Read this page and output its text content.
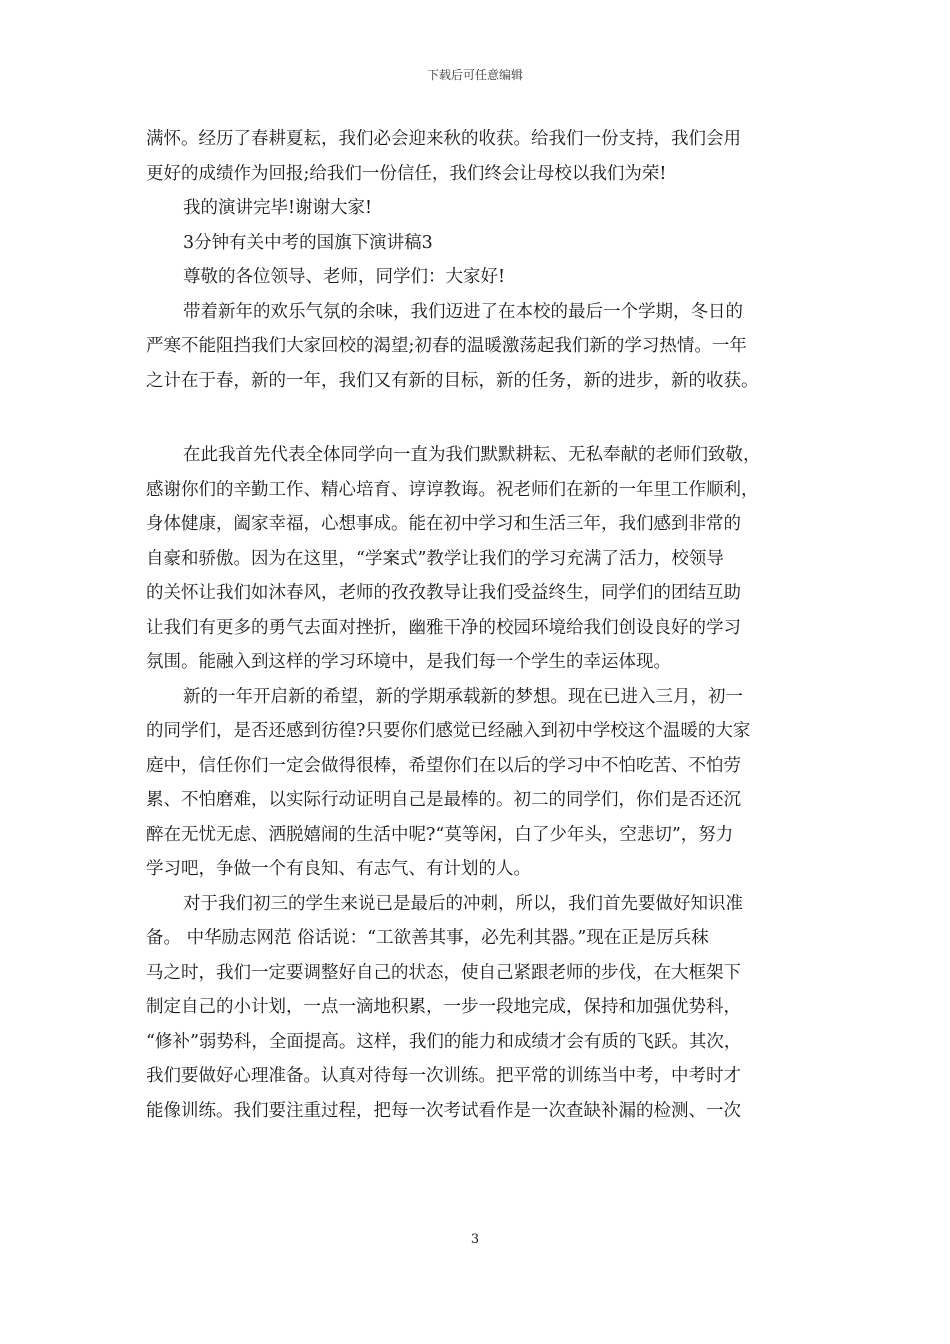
下载后可任意编辑
满怀。经历了春耕夏耘，我们必会迎来秋的收获。给我们一份支持，我们会用
更好的成绩作为回报;给我们一份信任，我们终会让母校以我们为荣!
我的演讲完毕!谢谢大家!
3分钟有关中考的国旗下演讲稿3
尊敬的各位领导、老师，同学们：大家好!
带着新年的欢乐气氛的余味，我们迈进了在本校的最后一个学期，冬日的
严寒不能阻挡我们大家回校的渴望;初春的温暖激荡起我们新的学习热情。一年
之计在于春，新的一年，我们又有新的目标，新的任务，新的进步，新的收获。
在此我首先代表全体同学向一直为我们默默耕耘、无私奉献的老师们致敬，
感谢你们的辛勤工作、精心培育、谆谆教诲。祝老师们在新的一年里工作顺利，
身体健康，阖家幸福，心想事成。能在初中学习和生活三年，我们感到非常的
自豪和骄傲。因为在这里，“学案式”教学让我们的学习充满了活力，校领导
的关怀让我们如沐春风，老师的孜孜教导让我们受益终生，同学们的团结互助
让我们有更多的勇气去面对挫折，幽雅干净的校园环境给我们创设良好的学习
氛围。能融入到这样的学习环境中，是我们每一个学生的幸运体现。
新的一年开启新的希望，新的学期承载新的梦想。现在已进入三月，初一
的同学们，是否还感到彷徨?只要你们感觉已经融入到初中学校这个温暖的大家
庭中，信任你们一定会做得很棒，希望你们在以后的学习中不怕吃苦、不怕劳
累、不怕磨难，以实际行动证明自己是最棒的。初二的同学们，你们是否还沉
醉在无忧无虑、洒脱嬉闹的生活中呢?“莫等闲，白了少年头，空悲切”，努力
学习吧，争做一个有良知、有志气、有计划的人。
对于我们初三的学生来说已是最后的冲刺，所以，我们首先要做好知识准
备。 中华励志网范 俗话说：“工欲善其事，必先利其器。”现在正是厉兵秣
马之时，我们一定要调整好自己的状态，使自己紧跟老师的步伐，在大框架下
制定自己的小计划，一点一滴地积累，一步一段地完成，保持和加强优势科，
“修补”弱势科，全面提高。这样，我们的能力和成绩才会有质的飞跃。其次，
我们要做好心理准备。认真对待每一次训练。把平常的训练当中考，中考时才
能像训练。我们要注重过程，把每一次考试看作是一次查缺补漏的检测、一次
3
